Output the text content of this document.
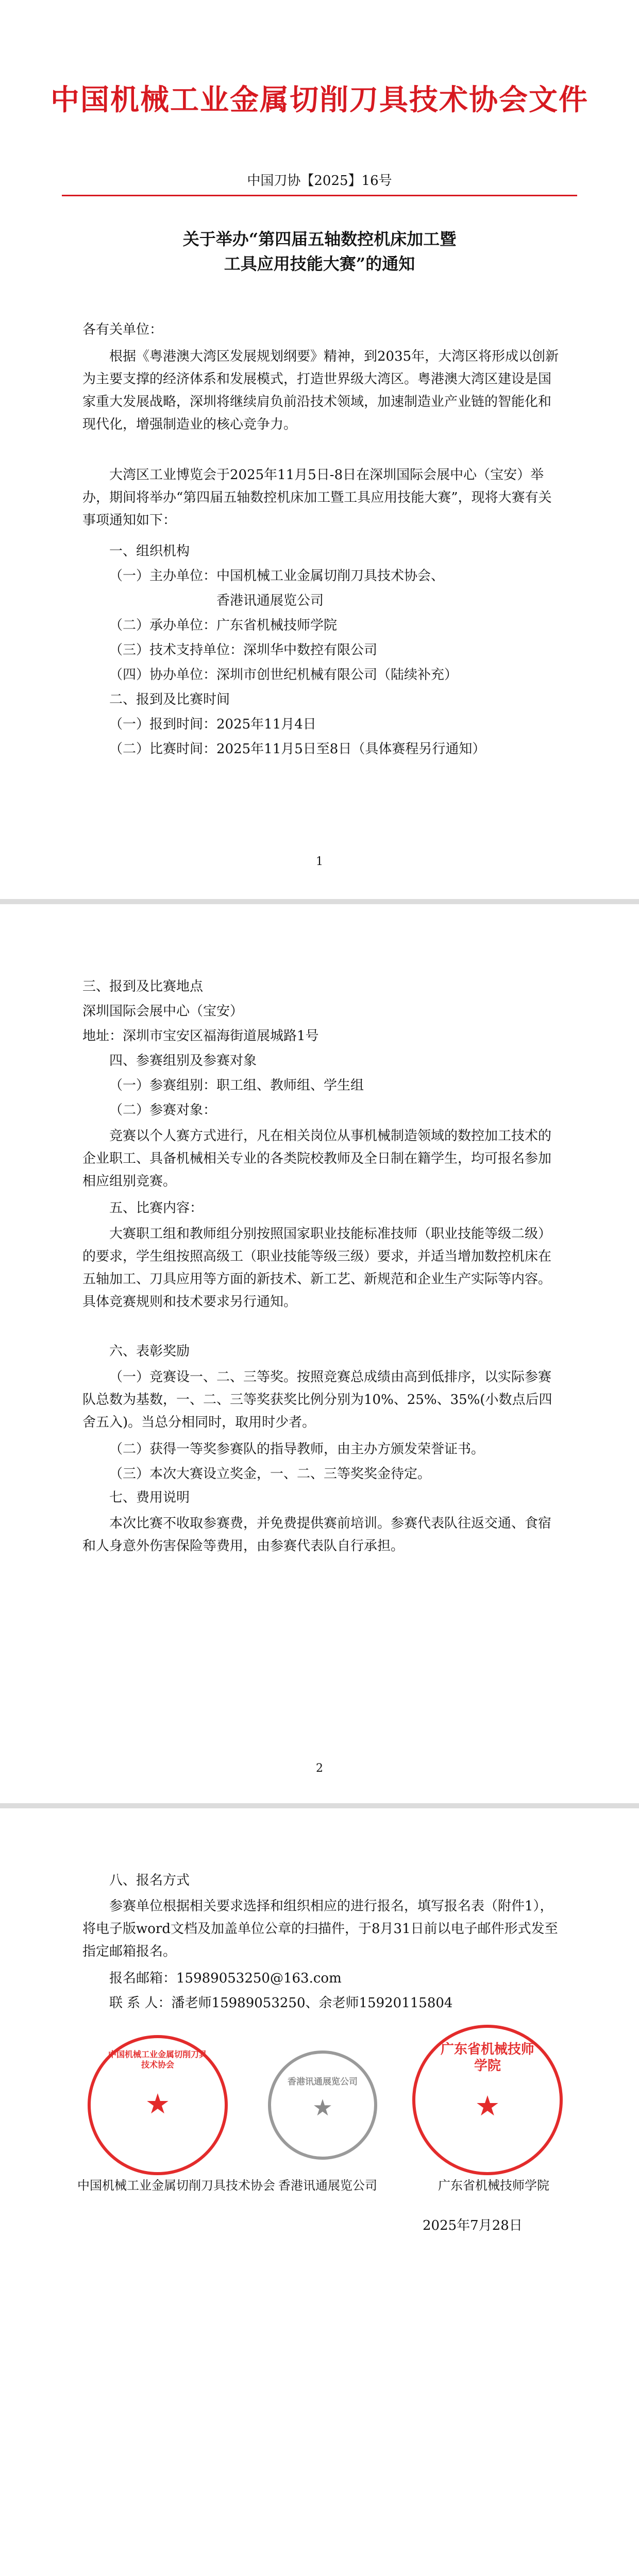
中国机械工业金属切削刀具技术协会文件
中国刀协【2025】16号
关于举办“第四届五轴数控机床加工暨
工具应用技能大赛”的通知
各有关单位：
根据《粤港澳大湾区发展规划纲要》精神，到2035年，大湾区将形成以创新为主要支撑的经济体系和发展模式，打造世界级大湾区。粤港澳大湾区建设是国家重大发展战略，深圳将继续肩负前沿技术领域，加速制造业产业链的智能化和现代化，增强制造业的核心竞争力。
大湾区工业博览会于2025年11月5日-8日在深圳国际会展中心（宝安）举办，期间将举办“第四届五轴数控机床加工暨工具应用技能大赛”，现将大赛有关事项通知如下：
一、组织机构
（一）主办单位：中国机械工业金属切削刀具技术协会、
香港讯通展览公司
（二）承办单位：广东省机械技师学院
（三）技术支持单位：深圳华中数控有限公司
（四）协办单位：深圳市创世纪机械有限公司（陆续补充）
二、报到及比赛时间
（一）报到时间：2025年11月4日
（二）比赛时间：2025年11月5日至8日（具体赛程另行通知）
1
三、报到及比赛地点
深圳国际会展中心（宝安）
地址：深圳市宝安区福海街道展城路1号
四、参赛组别及参赛对象
（一）参赛组别：职工组、教师组、学生组
（二）参赛对象：
竞赛以个人赛方式进行，凡在相关岗位从事机械制造领域的数控加工技术的企业职工、具备机械相关专业的各类院校教师及全日制在籍学生，均可报名参加相应组别竞赛。
五、比赛内容：
大赛职工组和教师组分别按照国家职业技能标准技师（职业技能等级二级）的要求，学生组按照高级工（职业技能等级三级）要求，并适当增加数控机床在五轴加工、刀具应用等方面的新技术、新工艺、新规范和企业生产实际等内容。具体竞赛规则和技术要求另行通知。
六、表彰奖励
（一）竞赛设一、二、三等奖。按照竞赛总成绩由高到低排序，以实际参赛队总数为基数，一、二、三等奖获奖比例分别为10%、25%、35%(小数点后四舍五入)。当总分相同时，取用时少者。
（二）获得一等奖参赛队的指导教师，由主办方颁发荣誉证书。
（三）本次大赛设立奖金，一、二、三等奖奖金待定。
七、费用说明
本次比赛不收取参赛费，并免费提供赛前培训。参赛代表队往返交通、食宿和人身意外伤害保险等费用，由参赛代表队自行承担。
2
八、报名方式
参赛单位根据相关要求选择和组织相应的进行报名，填写报名表（附件1），将电子版word文档及加盖单位公章的扫描件，于8月31日前以电子邮件形式发至指定邮箱报名。
报名邮箱：15989053250@163.com
联 系 人：潘老师15989053250、余老师15920115804
中国机械工业金属切削刀具技术协会
★
香港讯通展览公司
★
广东省机械技师学院
★
中国机械工业金属切削刀具技术协会 香港讯通展览公司	广东省机械技师学院
2025年7月28日
